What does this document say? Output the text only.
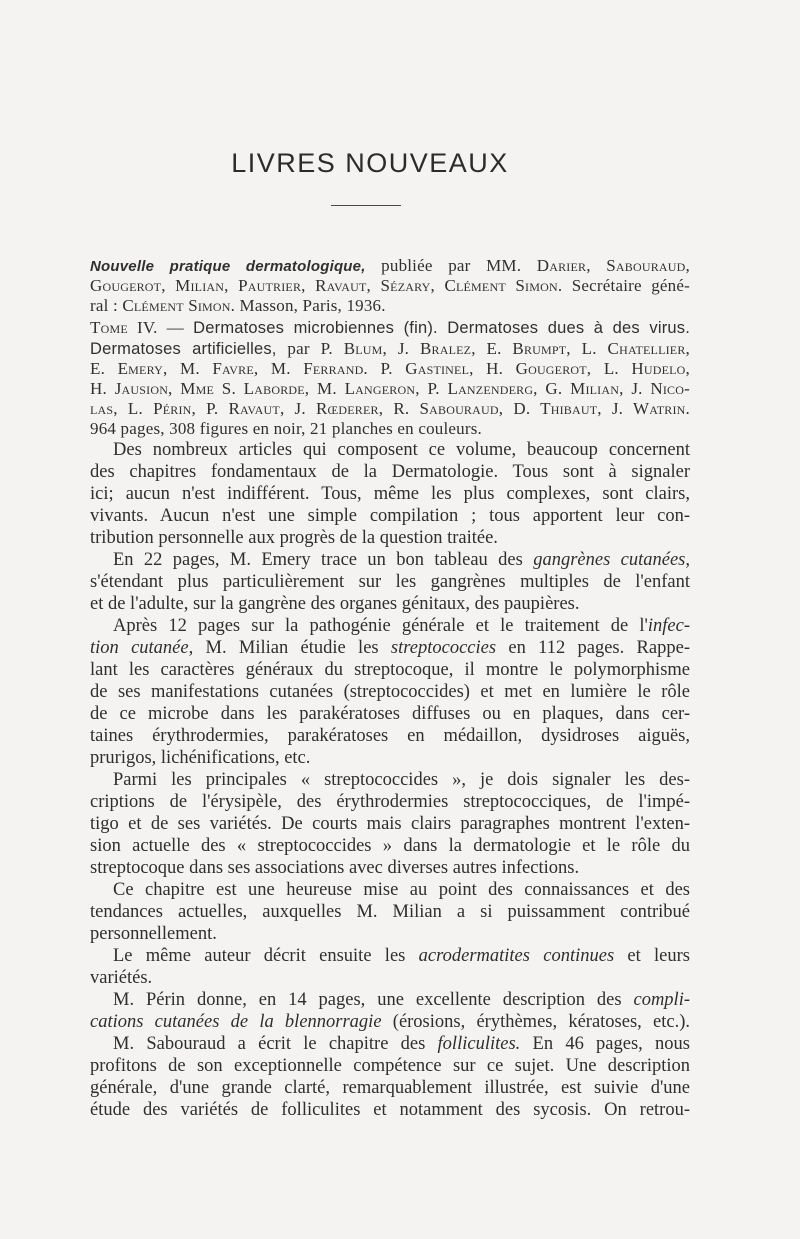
LIVRES NOUVEAUX
Nouvelle pratique dermatologique, publiée par MM. Darier, Sabouraud,
Gougerot, Milian, Pautrier, Ravaut, Sézary, Clément Simon. Secrétaire géné-
ral : Clément Simon. Masson, Paris, 1936.
Tome IV. — Dermatoses microbiennes (fin). Dermatoses dues à des virus.
Dermatoses artificielles, par P. Blum, J. Bralez, E. Brumpt, L. Chatellier,
E. Emery, M. Favre, M. Ferrand. P. Gastinel, H. Gougerot, L. Hudelo,
H. Jausion, Mme S. Laborde, M. Langeron, P. Lanzenderg, G. Milian, J. Nico-
las, L. Périn, P. Ravaut, J. Rœderer, R. Sabouraud, D. Thibaut, J. Watrin.
964 pages, 308 figures en noir, 21 planches en couleurs.
Des nombreux articles qui composent ce volume, beaucoup concernent
des chapitres fondamentaux de la Dermatologie. Tous sont à signaler
ici; aucun n'est indifférent. Tous, même les plus complexes, sont clairs,
vivants. Aucun n'est une simple compilation ; tous apportent leur con-
tribution personnelle aux progrès de la question traitée.
En 22 pages, M. Emery trace un bon tableau des gangrènes cutanées,
s'étendant plus particulièrement sur les gangrènes multiples de l'enfant
et de l'adulte, sur la gangrène des organes génitaux, des paupières.
Après 12 pages sur la pathogénie générale et le traitement de l'infec-
tion cutanée, M. Milian étudie les streptococcies en 112 pages. Rappe-
lant les caractères généraux du streptocoque, il montre le polymorphisme
de ses manifestations cutanées (streptococcides) et met en lumière le rôle
de ce microbe dans les parakératoses diffuses ou en plaques, dans cer-
taines érythrodermies, parakératoses en médaillon, dysidroses aiguës,
prurigos, lichénifications, etc.
Parmi les principales « streptococcides », je dois signaler les des-
criptions de l'érysipèle, des érythrodermies streptococciques, de l'impé-
tigo et de ses variétés. De courts mais clairs paragraphes montrent l'exten-
sion actuelle des « streptococcides » dans la dermatologie et le rôle du
streptocoque dans ses associations avec diverses autres infections.
Ce chapitre est une heureuse mise au point des connaissances et des
tendances actuelles, auxquelles M. Milian a si puissamment contribué
personnellement.
Le même auteur décrit ensuite les acrodermatites continues et leurs
variétés.
M. Périn donne, en 14 pages, une excellente description des compli-
cations cutanées de la blennorragie (érosions, érythèmes, kératoses, etc.).
M. Sabouraud a écrit le chapitre des folliculites. En 46 pages, nous
profitons de son exceptionnelle compétence sur ce sujet. Une description
générale, d'une grande clarté, remarquablement illustrée, est suivie d'une
étude des variétés de folliculites et notamment des sycosis. On retrou-
